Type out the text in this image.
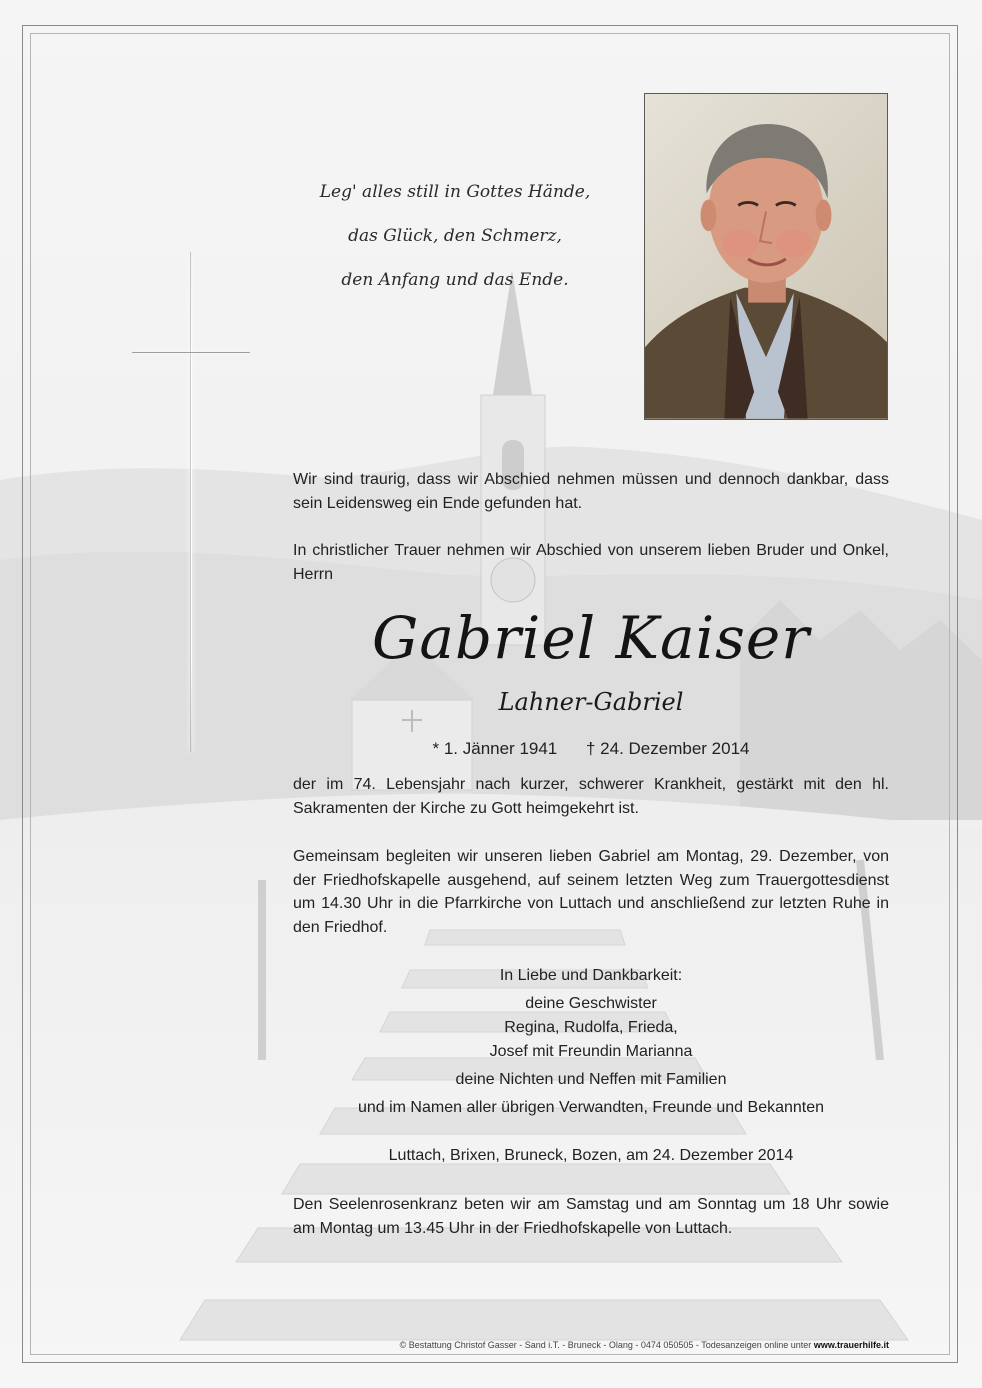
Leg' alles still in Gottes Hände,
das Glück, den Schmerz,
den Anfang und das Ende.
Wir sind traurig, dass wir Abschied nehmen müssen und dennoch dankbar, dass sein Leidensweg ein Ende gefunden hat.
In christlicher Trauer nehmen wir Abschied von unserem lieben Bruder und Onkel, Herrn
Gabriel Kaiser
Lahner-Gabriel
* 1. Jänner 1941 † 24. Dezember 2014
der im 74. Lebensjahr nach kurzer, schwerer Krankheit, gestärkt mit den hl. Sakramenten der Kirche zu Gott heimgekehrt ist.
Gemeinsam begleiten wir unseren lieben Gabriel am Montag, 29. Dezember, von der Friedhofskapelle ausgehend, auf seinem letzten Weg zum Trauergottesdienst um 14.30 Uhr in die Pfarrkirche von Luttach und anschließend zur letzten Ruhe in den Friedhof.
In Liebe und Dankbarkeit:
deine Geschwister
Regina, Rudolfa, Frieda,
Josef mit Freundin Marianna
deine Nichten und Neffen mit Familien
und im Namen aller übrigen Verwandten, Freunde und Bekannten
Luttach, Brixen, Bruneck, Bozen, am 24. Dezember 2014
Den Seelenrosenkranz beten wir am Samstag und am Sonntag um 18 Uhr sowie am Montag um 13.45 Uhr in der Friedhofskapelle von Luttach.
© Bestattung Christof Gasser - Sand i.T. - Bruneck - Olang - 0474 050505 - Todesanzeigen online unter www.trauerhilfe.it
